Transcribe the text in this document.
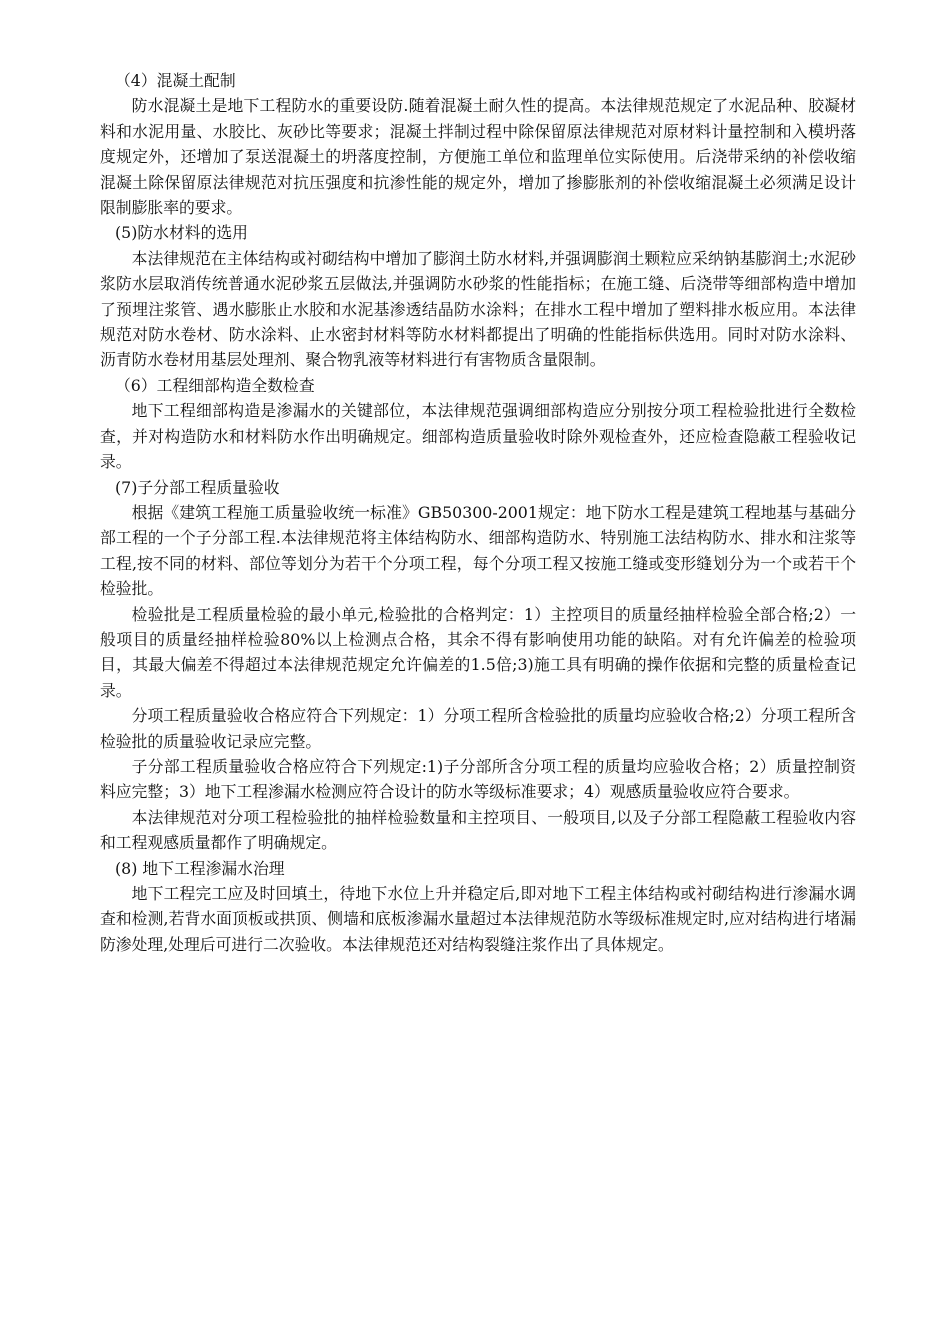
（4）混凝土配制

防水混凝土是地下工程防水的重要设防.随着混凝土耐久性的提高。本法律规范规定了水泥品种、胶凝材料和水泥用量、水胶比、灰砂比等要求；混凝土拌制过程中除保留原法律规范对原材料计量控制和入模坍落度规定外，还增加了泵送混凝土的坍落度控制，方便施工单位和监理单位实际使用。后浇带采纳的补偿收缩混凝土除保留原法律规范对抗压强度和抗渗性能的规定外，增加了掺膨胀剂的补偿收缩混凝土必须满足设计限制膨胀率的要求。

(5)防水材料的选用

本法律规范在主体结构或衬砌结构中增加了膨润土防水材料,并强调膨润土颗粒应采纳钠基膨润土;水泥砂浆防水层取消传统普通水泥砂浆五层做法,并强调防水砂浆的性能指标；在施工缝、后浇带等细部构造中增加了预埋注浆管、遇水膨胀止水胶和水泥基渗透结晶防水涂料；在排水工程中增加了塑料排水板应用。本法律规范对防水卷材、防水涂料、止水密封材料等防水材料都提出了明确的性能指标供选用。同时对防水涂料、沥青防水卷材用基层处理剂、聚合物乳液等材料进行有害物质含量限制。

（6）工程细部构造全数检查

地下工程细部构造是渗漏水的关键部位，本法律规范强调细部构造应分别按分项工程检验批进行全数检查，并对构造防水和材料防水作出明确规定。细部构造质量验收时除外观检查外，还应检查隐蔽工程验收记录。

(7)子分部工程质量验收

根据《建筑工程施工质量验收统一标准》GB50300-2001规定：地下防水工程是建筑工程地基与基础分部工程的一个子分部工程.本法律规范将主体结构防水、细部构造防水、特别施工法结构防水、排水和注浆等工程,按不同的材料、部位等划分为若干个分项工程，每个分项工程又按施工缝或变形缝划分为一个或若干个检验批。

检验批是工程质量检验的最小单元,检验批的合格判定：1）主控项目的质量经抽样检验全部合格;2）一般项目的质量经抽样检验80%以上检测点合格，其余不得有影响使用功能的缺陷。对有允许偏差的检验项目，其最大偏差不得超过本法律规范规定允许偏差的1.5倍;3)施工具有明确的操作依据和完整的质量检查记录。

分项工程质量验收合格应符合下列规定：1）分项工程所含检验批的质量均应验收合格;2）分项工程所含检验批的质量验收记录应完整。

子分部工程质量验收合格应符合下列规定:1)子分部所含分项工程的质量均应验收合格；2）质量控制资料应完整；3）地下工程渗漏水检测应符合设计的防水等级标准要求；4）观感质量验收应符合要求。

本法律规范对分项工程检验批的抽样检验数量和主控项目、一般项目,以及子分部工程隐蔽工程验收内容和工程观感质量都作了明确规定。

(8) 地下工程渗漏水治理

地下工程完工应及时回填土，待地下水位上升并稳定后,即对地下工程主体结构或衬砌结构进行渗漏水调查和检测,若背水面顶板或拱顶、侧墙和底板渗漏水量超过本法律规范防水等级标准规定时,应对结构进行堵漏防渗处理,处理后可进行二次验收。本法律规范还对结构裂缝注浆作出了具体规定。
